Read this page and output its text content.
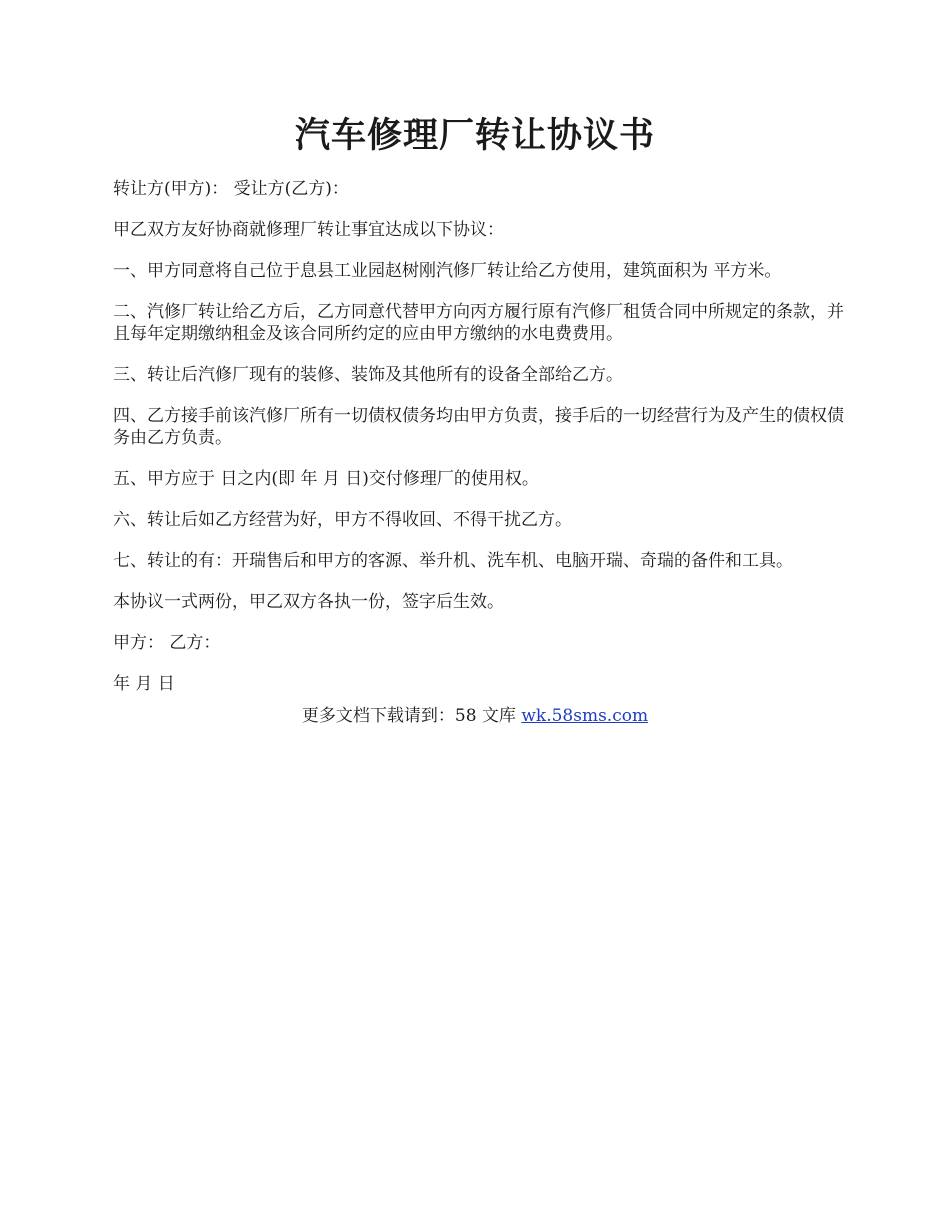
汽车修理厂转让协议书

转让方(甲方)： 受让方(乙方)：

甲乙双方友好协商就修理厂转让事宜达成以下协议：

一、甲方同意将自己位于息县工业园赵树刚汽修厂转让给乙方使用，建筑面积为 平方米。

二、汽修厂转让给乙方后，乙方同意代替甲方向丙方履行原有汽修厂租赁合同中所规定的条款，并且每年定期缴纳租金及该合同所约定的应由甲方缴纳的水电费费用。

三、转让后汽修厂现有的装修、装饰及其他所有的设备全部给乙方。

四、乙方接手前该汽修厂所有一切债权债务均由甲方负责，接手后的一切经营行为及产生的债权债务由乙方负责。

五、甲方应于 日之内(即 年 月 日)交付修理厂的使用权。

六、转让后如乙方经营为好，甲方不得收回、不得干扰乙方。

七、转让的有：开瑞售后和甲方的客源、举升机、洗车机、电脑开瑞、奇瑞的备件和工具。

本协议一式两份，甲乙双方各执一份，签字后生效。

甲方： 乙方：

年 月 日

更多文档下载请到：58 文库 wk.58sms.com
